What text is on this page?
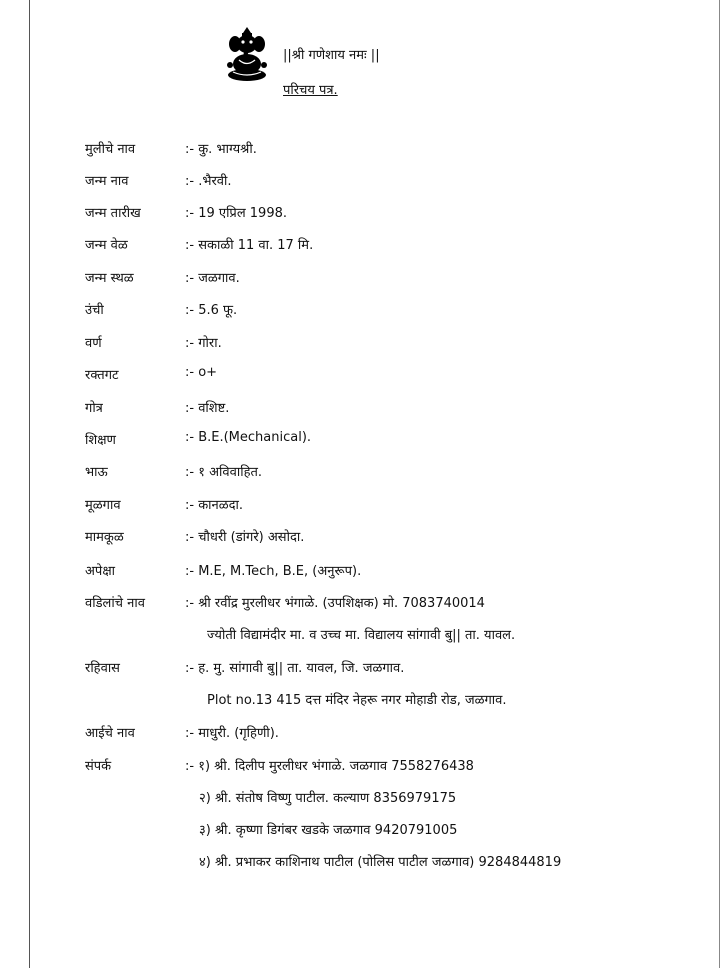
||श्री गणेशाय नमः ||
परिचय पत्र.
मुलीचे नाव	:- कु. भाग्यश्री.
जन्म नाव	:- .भैरवी.
जन्म तारीख	:- 19 एप्रिल 1998.
जन्म वेळ	:- सकाळी 11 वा. 17 मि.
जन्म स्थळ	:- जळगाव.
उंची	:- 5.6 फू.
वर्ण	:- गोरा.
रक्तगट	:- o+
गोत्र	:- वशिष्ट.
शिक्षण	:- B.E.(Mechanical).
भाऊ	:- १ अविवाहित.
मूळगाव	:- कानळदा.
मामकूळ	:- चौधरी (डांगरे) असोदा.
अपेक्षा	:- M.E, M.Tech, B.E, (अनुरूप).
वडिलांचे नाव	:- श्री रवींद्र मुरलीधर भंगाळे. (उपशिक्षक) मो. 7083740014
ज्योती विद्यामंदीर मा. व उच्च मा. विद्यालय सांगावी बु|| ता. यावल.
रहिवास	:- ह. मु. सांगावी बु|| ता. यावल, जि. जळगाव.
Plot no.13 415 दत्त मंदिर नेहरू नगर मोहाडी रोड, जळगाव.
आईचे नाव	:- माधुरी. (गृहिणी).
संपर्क	:- १) श्री. दिलीप मुरलीधर भंगाळे. जळगाव 7558276438
२) श्री. संतोष विष्णु पाटील. कल्याण 8356979175
३) श्री. कृष्णा डिगंबर खडके जळगाव 9420791005
४) श्री. प्रभाकर काशिनाथ पाटील (पोलिस पाटील जळगाव) 9284844819
